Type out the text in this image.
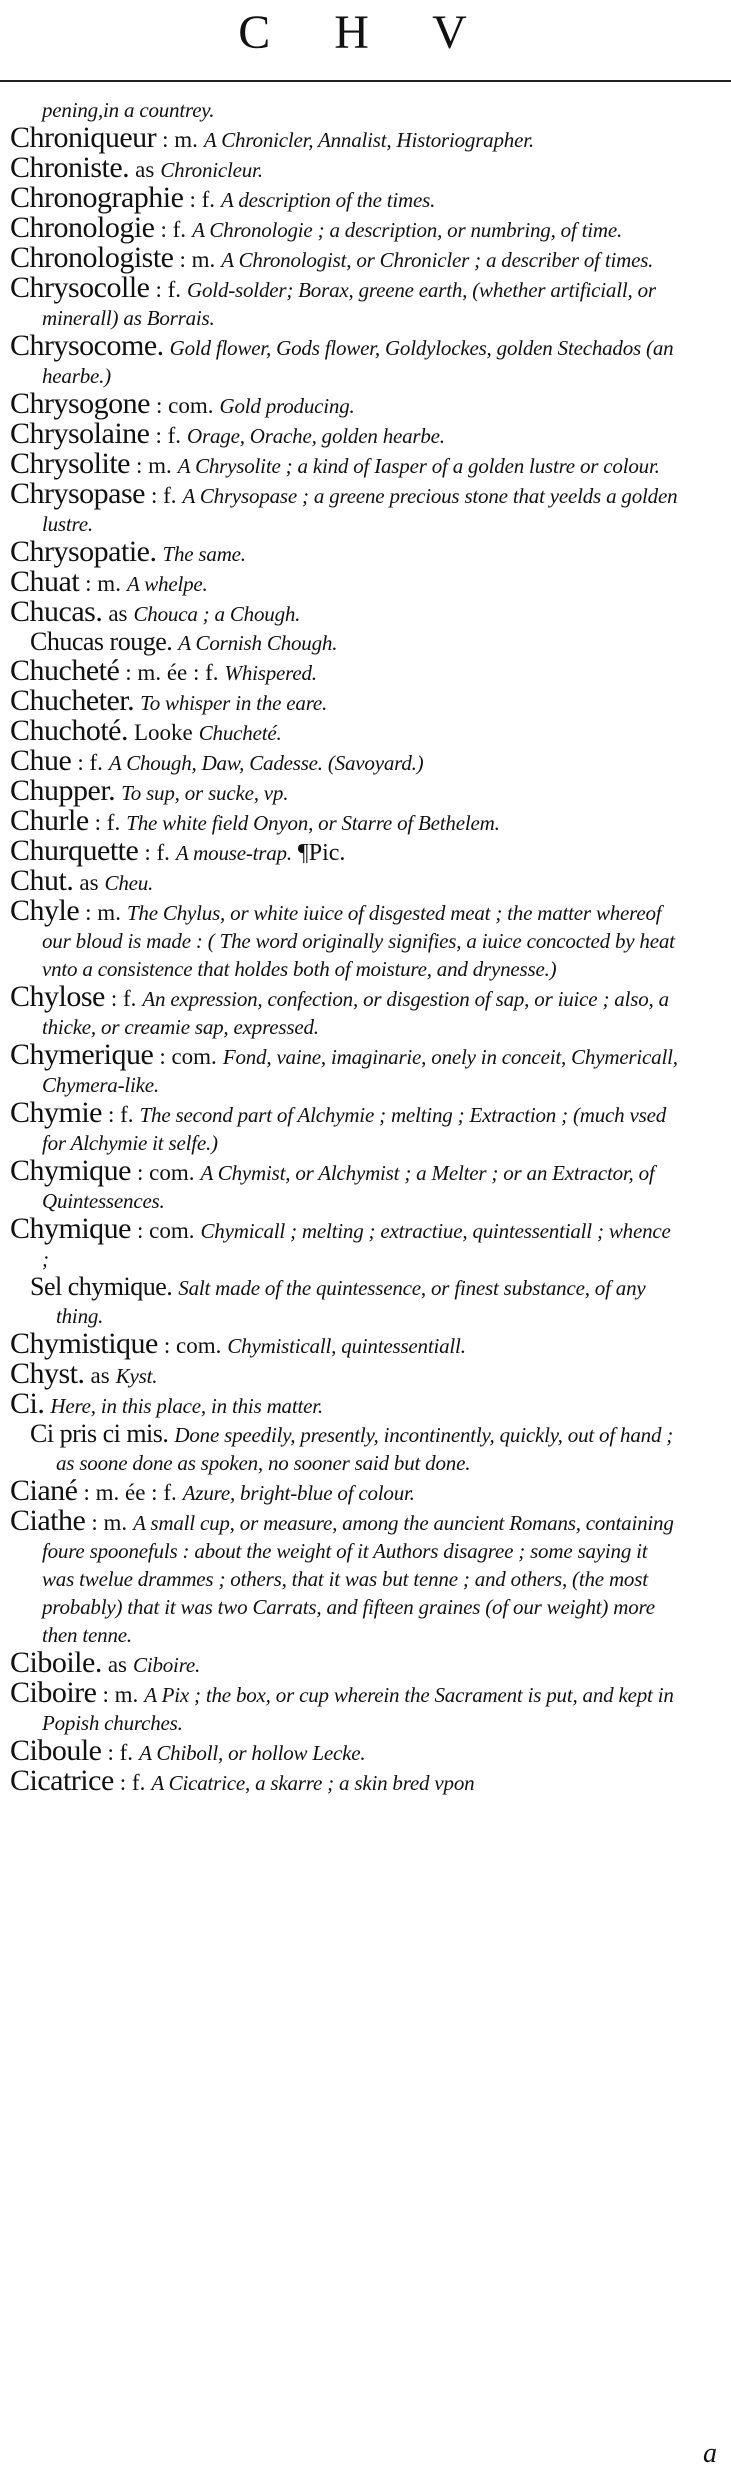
C H V

pening,in a countrey.

Chroniqueur : m. A Chronicler, Annalist, Historiographer.

Chroniste. as Chronicleur.

Chronographie : f. A description of the times.

Chronologie : f. A Chronologie ; a description, or numbring, of time.

Chronologiste : m. A Chronologist, or Chronicler ; a describer of times.

Chrysocolle : f. Gold-solder; Borax, greene earth, (whether artificiall, or minerall) as Borrais.

Chrysocome. Gold flower, Gods flower, Goldylockes, golden Stechados (an hearbe.)

Chrysogone : com. Gold producing.

Chrysolaine : f. Orage, Orache, golden hearbe.

Chrysolite : m. A Chrysolite ; a kind of Iasper of a golden lustre or colour.

Chrysopase : f. A Chrysopase ; a greene precious stone that yeelds a golden lustre.

Chrysopatie. The same.

Chuat : m. A whelpe.

Chucas. as Chouca ; a Chough.

Chucas rouge. A Cornish Chough.

Chucheté : m. ée : f. Whispered.

Chucheter. To whisper in the eare.

Chuchoté. Looke Chucheté.

Chue : f. A Chough, Daw, Cadesse. (Savoyard.)

Chupper. To sup, or sucke, vp.

Churle : f. The white field Onyon, or Starre of Bethelem.

Churquette : f. A mouse-trap. ¶Pic.

Chut. as Cheu.

Chyle : m. The Chylus, or white iuice of disgested meat ; the matter whereof our bloud is made : ( The word originally signifies, a iuice concocted by heat vnto a consistence that holdes both of moisture, and drynesse.)

Chylose : f. An expression, confection, or disgestion of sap, or iuice ; also, a thicke, or creamie sap, expressed.

Chymerique : com. Fond, vaine, imaginarie, onely in conceit, Chymericall, Chymera-like.

Chymie : f. The second part of Alchymie ; melting ; Extraction ; (much vsed for Alchymie it selfe.)

Chymique : com. A Chymist, or Alchymist ; a Melter ; or an Extractor, of Quintessences.

Chymique : com. Chymicall ; melting ; extractiue, quintessentiall ; whence ;

Sel chymique. Salt made of the quintessence, or finest substance, of any thing.

Chymistique : com. Chymisticall, quintessentiall.

Chyst. as Kyst.

Ci. Here, in this place, in this matter.

Ci pris ci mis. Done speedily, presently, incontinently, quickly, out of hand ; as soone done as spoken, no sooner said but done.

Ciané : m. ée : f. Azure, bright-blue of colour.

Ciathe : m. A small cup, or measure, among the auncient Romans, containing foure spoonefuls : about the weight of it Authors disagree ; some saying it was twelue drammes ; others, that it was but tenne ; and others, (the most probably) that it was two Carrats, and fifteen graines (of our weight) more then tenne.

Ciboile. as Ciboire.

Ciboire : m. A Pix ; the box, or cup wherein the Sacrament is put, and kept in Popish churches.

Ciboule : f. A Chiboll, or hollow Lecke.

Cicatrice : f. A Cicatrice, a skarre ; a skin bred vpon

a
